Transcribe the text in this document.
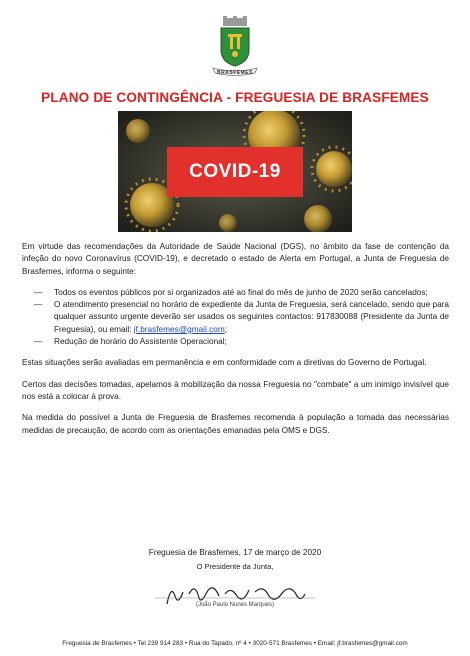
BRASFEMES
PLANO DE CONTINGÊNCIA - FREGUESIA DE BRASFEMES
COVID-19

Em virtude das recomendações da Autoridade de Saúde Nacional (DGS), no âmbito da fase de contenção da infeção do novo Coronavírus (COVID-19), e decretado o estado de Alerta em Portugal, a Junta de Freguesia de Brasfemes, informa o seguinte:

— Todos os eventos públicos por si organizados até ao final do mês de junho de 2020 serão cancelados;
— O atendimento presencial no horário de expediente da Junta de Freguesia, será cancelado, sendo que para qualquer assunto urgente deverão ser usados os seguintes contactos: 917830088 (Presidente da Junta de Freguesia), ou email: jf.brasfemes@gmail.com;
— Redução de horário do Assistente Operacional;

Estas situações serão avaliadas em permanência e em conformidade com a diretivas do Governo de Portugal.

Certos das decisões tomadas, apelamos à mobilização da nossa Freguesia no "combate" a um inimigo invisível que nos está a colocar à prova.

Na medida do possível a Junta de Freguesia de Brasfemes recomenda à população a tomada das necessárias medidas de precaução, de acordo com as orientações emanadas pela OMS e DGS.

Freguesia de Brasfemes, 17 de março de 2020
O Presidente da Junta,
(João Paulo Nunes Marques)
Freguesia de Brasfemes • Tel 239 914 283 • Rua do Tapado, nº 4 • 3020-571 Brasfemes • Email: jf.brasfemes@gmail.com
